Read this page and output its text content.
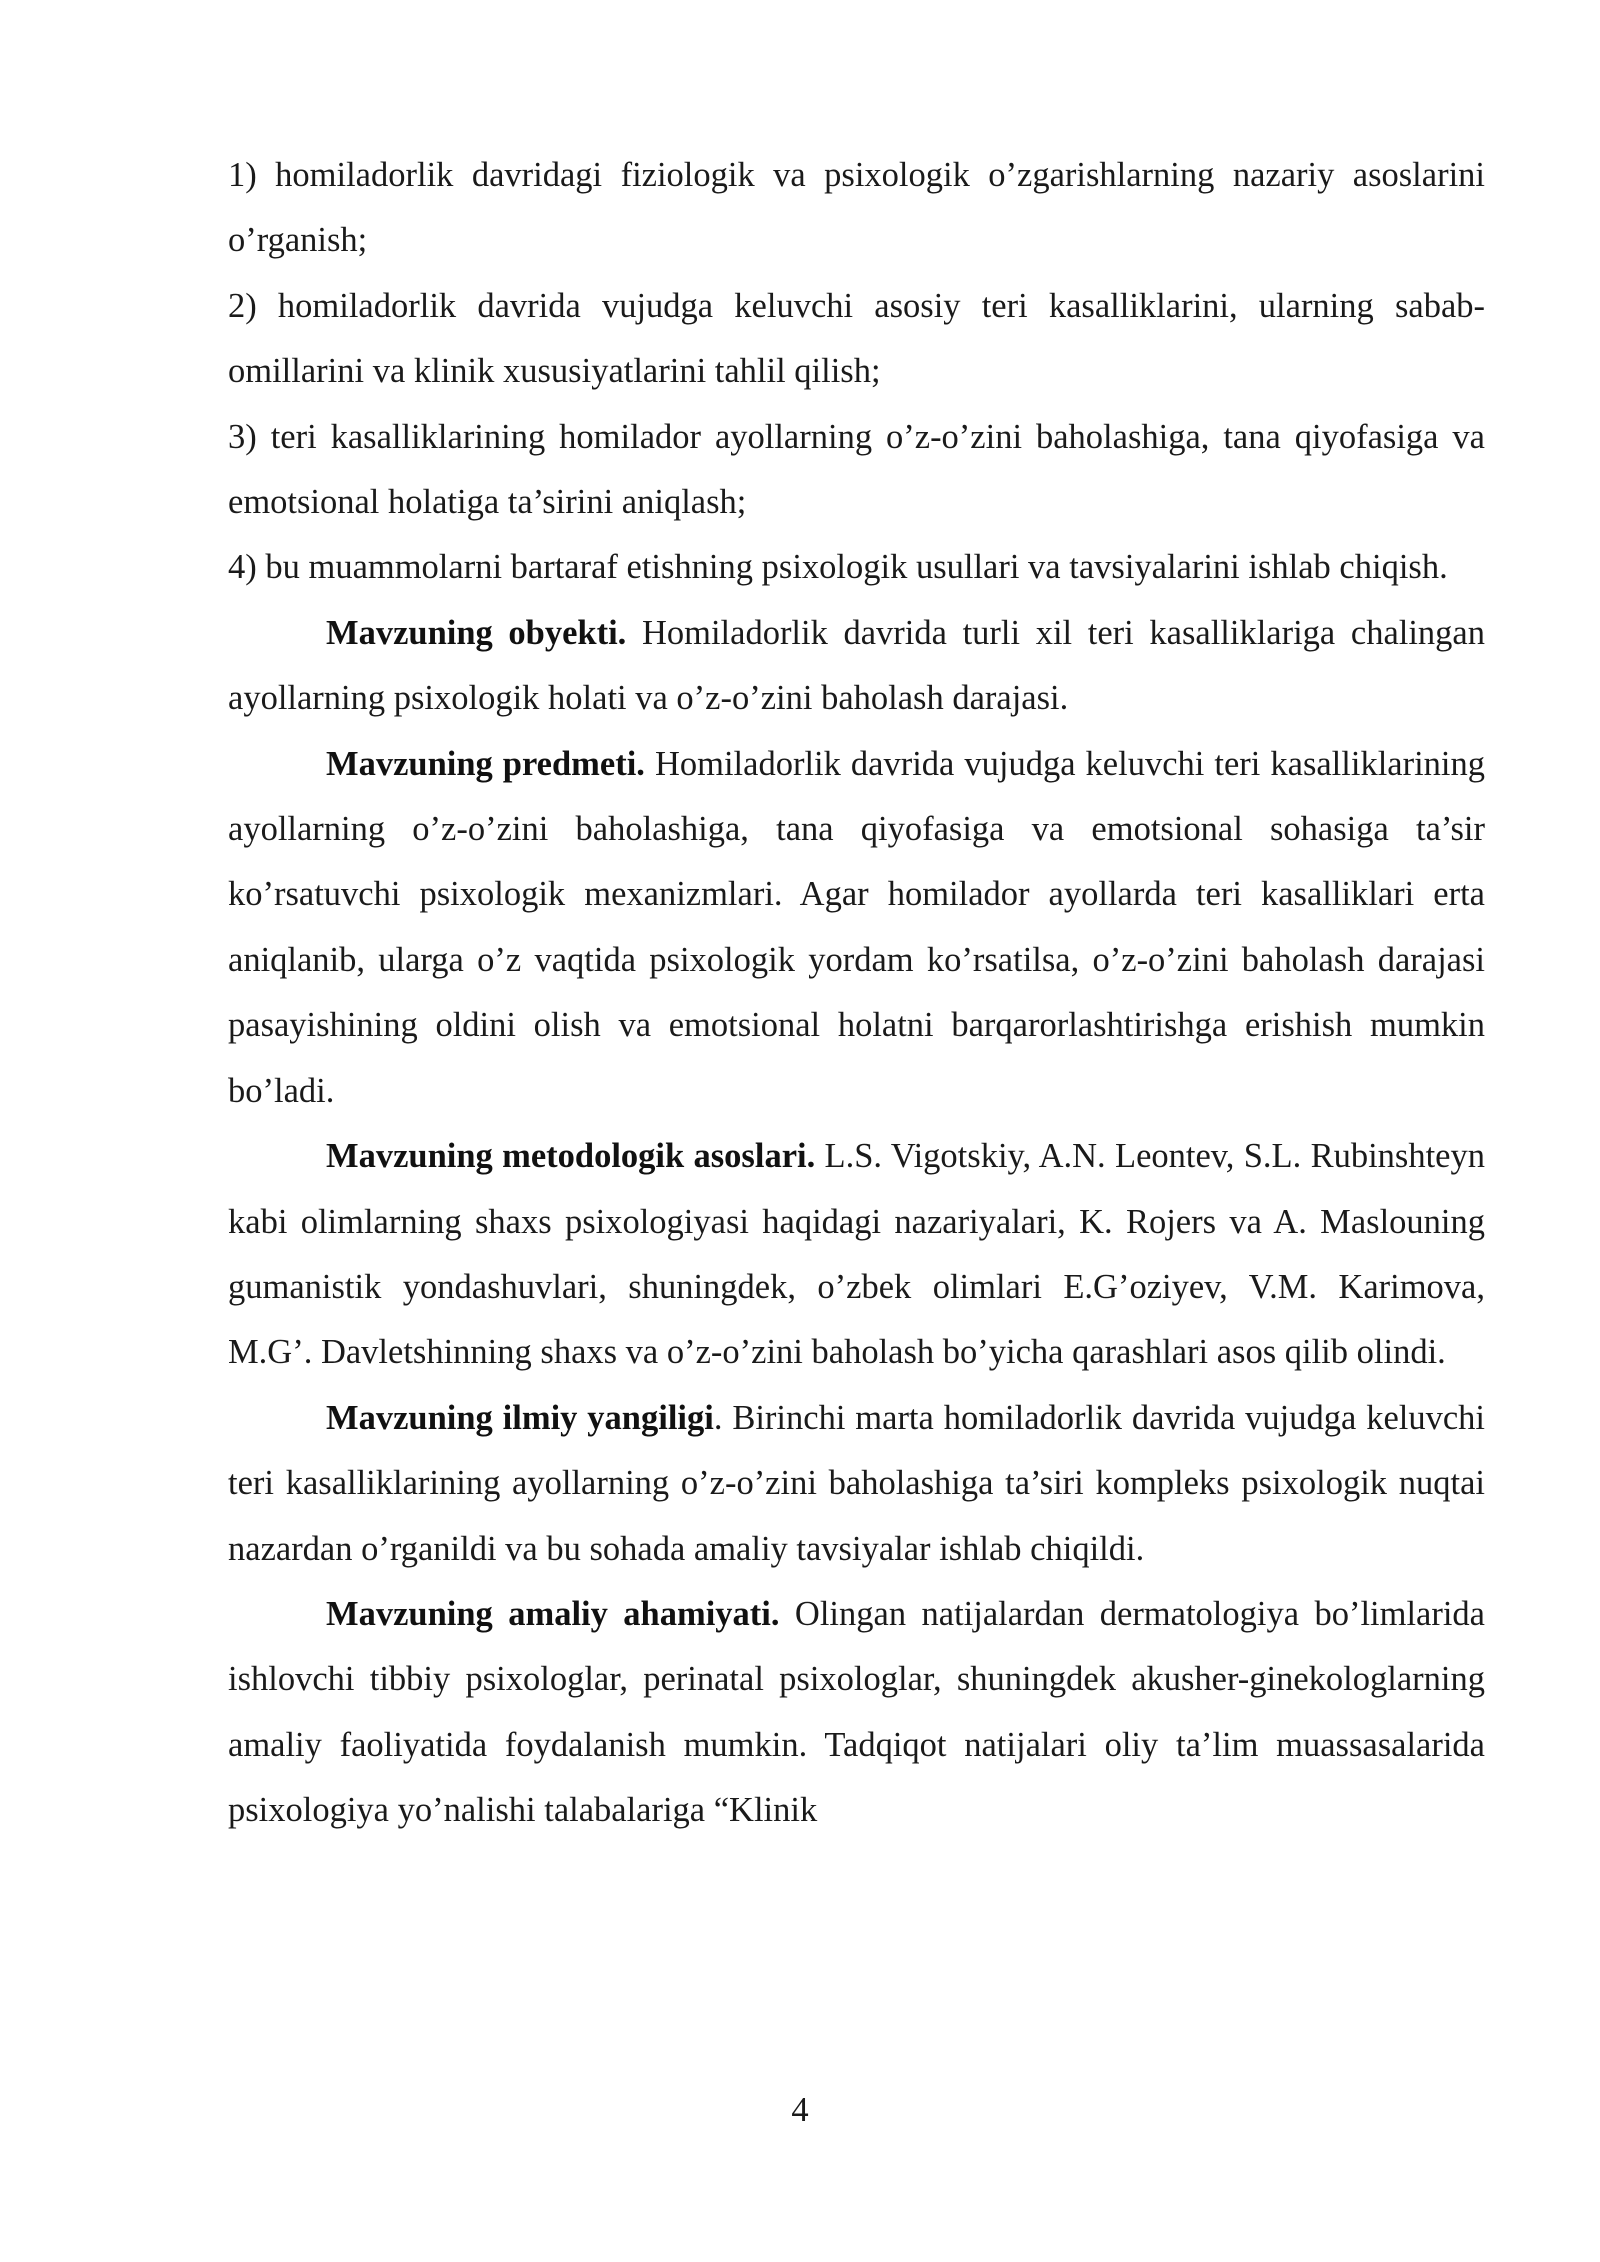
1) homiladorlik davridagi fiziologik va psixologik o’zgarishlarning nazariy asoslarini o’rganish;

2) homiladorlik davrida vujudga keluvchi asosiy teri kasalliklarini, ularning sabab-omillarini va klinik xususiyatlarini tahlil qilish;

3) teri kasalliklarining homilador ayollarning o’z-o’zini baholashiga, tana qiyofasiga va emotsional holatiga ta’sirini aniqlash;

4) bu muammolarni bartaraf etishning psixologik usullari va tavsiyalarini ishlab chiqish.

Mavzuning obyekti. Homiladorlik davrida turli xil teri kasalliklariga chalingan ayollarning psixologik holati va o’z-o’zini baholash darajasi.

Mavzuning predmeti. Homiladorlik davrida vujudga keluvchi teri kasalliklarining ayollarning o’z-o’zini baholashiga, tana qiyofasiga va emotsional sohasiga ta’sir ko’rsatuvchi psixologik mexanizmlari. Agar homilador ayollarda teri kasalliklari erta aniqlanib, ularga o’z vaqtida psixologik yordam ko’rsatilsa, o’z-o’zini baholash darajasi pasayishining oldini olish va emotsional holatni barqarorlashtirishga erishish mumkin bo’ladi.

Mavzuning metodologik asoslari. L.S. Vigotskiy, A.N. Leontev, S.L. Rubinshteyn kabi olimlarning shaxs psixologiyasi haqidagi nazariyalari, K. Rojers va A. Maslouning gumanistik yondashuvlari, shuningdek, o’zbek olimlari E.G’oziyev, V.M. Karimova, M.G’. Davletshinning shaxs va o’z-o’zini baholash bo’yicha qarashlari asos qilib olindi.

Mavzuning ilmiy yangiligi. Birinchi marta homiladorlik davrida vujudga keluvchi teri kasalliklarining ayollarning o’z-o’zini baholashiga ta’siri kompleks psixologik nuqtai nazardan o’rganildi va bu sohada amaliy tavsiyalar ishlab chiqildi.

Mavzuning amaliy ahamiyati. Olingan natijalardan dermatologiya bo’limlarida ishlovchi tibbiy psixologlar, perinatal psixologlar, shuningdek akusher-ginekologlarning amaliy faoliyatida foydalanish mumkin. Tadqiqot natijalari oliy ta’lim muassasalarida psixologiya yo’nalishi talabalariga “Klinik

4
